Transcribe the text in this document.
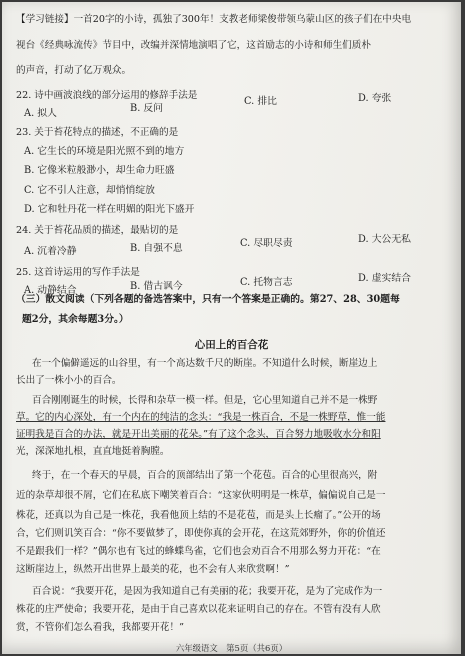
【学习链接】一首20字的小诗，孤独了300年！支教老师梁俊带领乌蒙山区的孩子们在中央电
视台《经典咏流传》节目中，改编并深情地演唱了它，这首励志的小诗和师生们质朴
的声音，打动了亿万观众。
22. 诗中画波浪线的部分运用的修辞手法是
A. 拟人	B. 反问
C. 排比	D. 夸张
23. 关于苔花特点的描述，不正确的是
A. 它生长的环境是阳光照不到的地方
B. 它像米粒般渺小，却生命力旺盛
C. 它不引人注意，却悄悄绽放
D. 它和牡丹花一样在明媚的阳光下盛开
24. 关于苔花品质的描述，最贴切的是
A. 沉着冷静	B. 自强不息	C. 尽职尽责	D. 大公无私
25. 这首诗运用的写作手法是
A. 动静结合	B. 借古讽今	C. 托物言志	D. 虚实结合
（三）散文阅读（下列各题的备选答案中，只有一个答案是正确的。第27、28、30题每
题2分，其余每题3分。）
心田上的百合花
在一个偏僻遥远的山谷里，有一个高达数千尺的断崖。不知道什么时候，断崖边上
长出了一株小小的百合。
百合刚刚诞生的时候，长得和杂草一模一样。但是，它心里知道自己并不是一株野
草。它的内心深处，有一个内在的纯洁的念头：“我是一株百合，不是一株野草，惟一能
证明我是百合的办法，就是开出美丽的花朵。”有了这个念头，百合努力地吸收水分和阳
光，深深地扎根，直直地挺着胸膛。
终于，在一个春天的早晨，百合的顶部结出了第一个花苞。百合的心里很高兴，附
近的杂草却很不屑，它们在私底下嘲笑着百合：“这家伙明明是一株草，偏偏说自己是一
株花，还真以为自己是一株花，我看他顶上结的不是花苞，而是头上长瘤了。”公开的场
合，它们则讥笑百合：“你不要做梦了，即使你真的会开花，在这荒郊野外，你的价值还
不是跟我们一样？”偶尔也有飞过的蜂蝶鸟雀，它们也会劝百合不用那么努力开花：“在
这断崖边上，纵然开出世界上最美的花，也不会有人来欣赏啊！”
百合说：“我要开花，是因为我知道自己有美丽的花；我要开花，是为了完成作为一
株花的庄严使命；我要开花，是由于自己喜欢以花来证明自己的存在。不管有没有人欣
赏，不管你们怎么看我，我都要开花！”
六年级语文　第5页（共6页）
